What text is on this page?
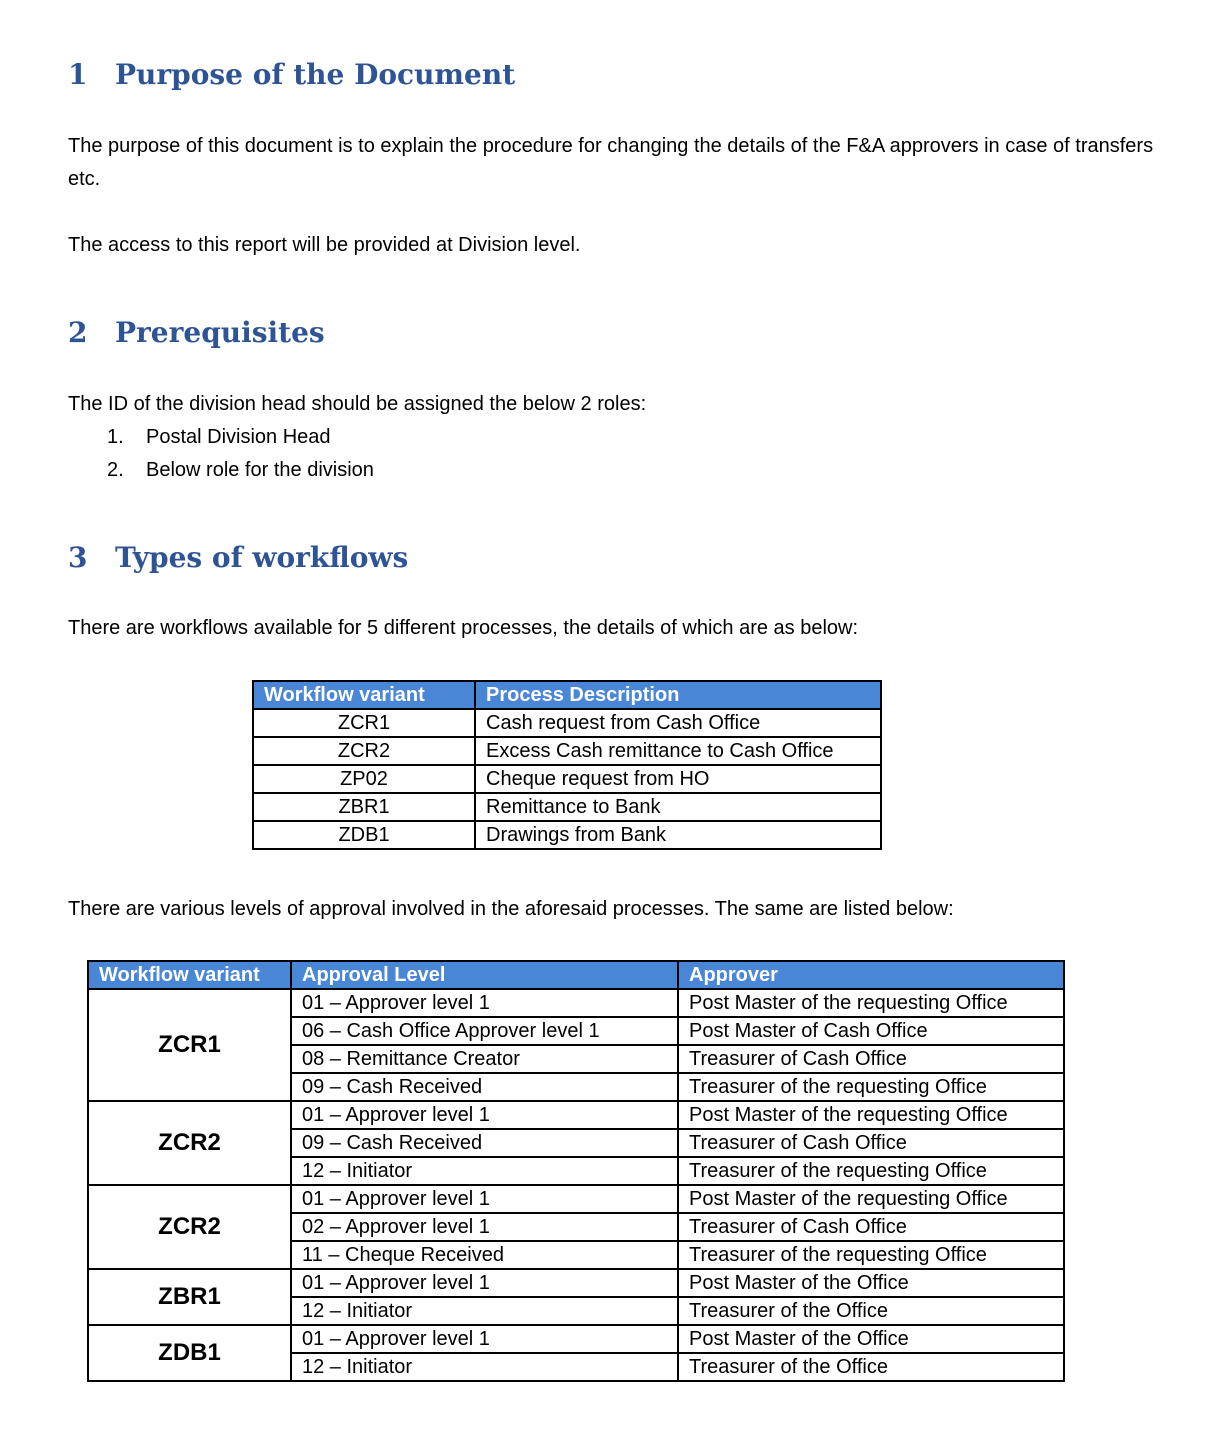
1 Purpose of the Document

The purpose of this document is to explain the procedure for changing the details of the F&A approvers in case of transfers etc.

The access to this report will be provided at Division level.

2 Prerequisites

The ID of the division head should be assigned the below 2 roles:

1. Postal Division Head

2. Below role for the division

3 Types of workflows

There are workflows available for 5 different processes, the details of which are as below:

Workflow variant	Process Description
ZCR1	Cash request from Cash Office
ZCR2	Excess Cash remittance to Cash Office
ZP02	Cheque request from HO
ZBR1	Remittance to Bank
ZDB1	Drawings from Bank

There are various levels of approval involved in the aforesaid processes. The same are listed below:

Workflow variant	Approval Level	Approver
ZCR1	01 – Approver level 1	Post Master of the requesting Office
	06 – Cash Office Approver level 1	Post Master of Cash Office
	08 – Remittance Creator	Treasurer of Cash Office
	09 – Cash Received	Treasurer of the requesting Office
ZCR2	01 – Approver level 1	Post Master of the requesting Office
	09 – Cash Received	Treasurer of Cash Office
	12 – Initiator	Treasurer of the requesting Office
ZCR2	01 – Approver level 1	Post Master of the requesting Office
	02 – Approver level 1	Treasurer of Cash Office
	11 – Cheque Received	Treasurer of the requesting Office
ZBR1	01 – Approver level 1	Post Master of the Office
	12 – Initiator	Treasurer of the Office
ZDB1	01 – Approver level 1	Post Master of the Office
	12 – Initiator	Treasurer of the Office
